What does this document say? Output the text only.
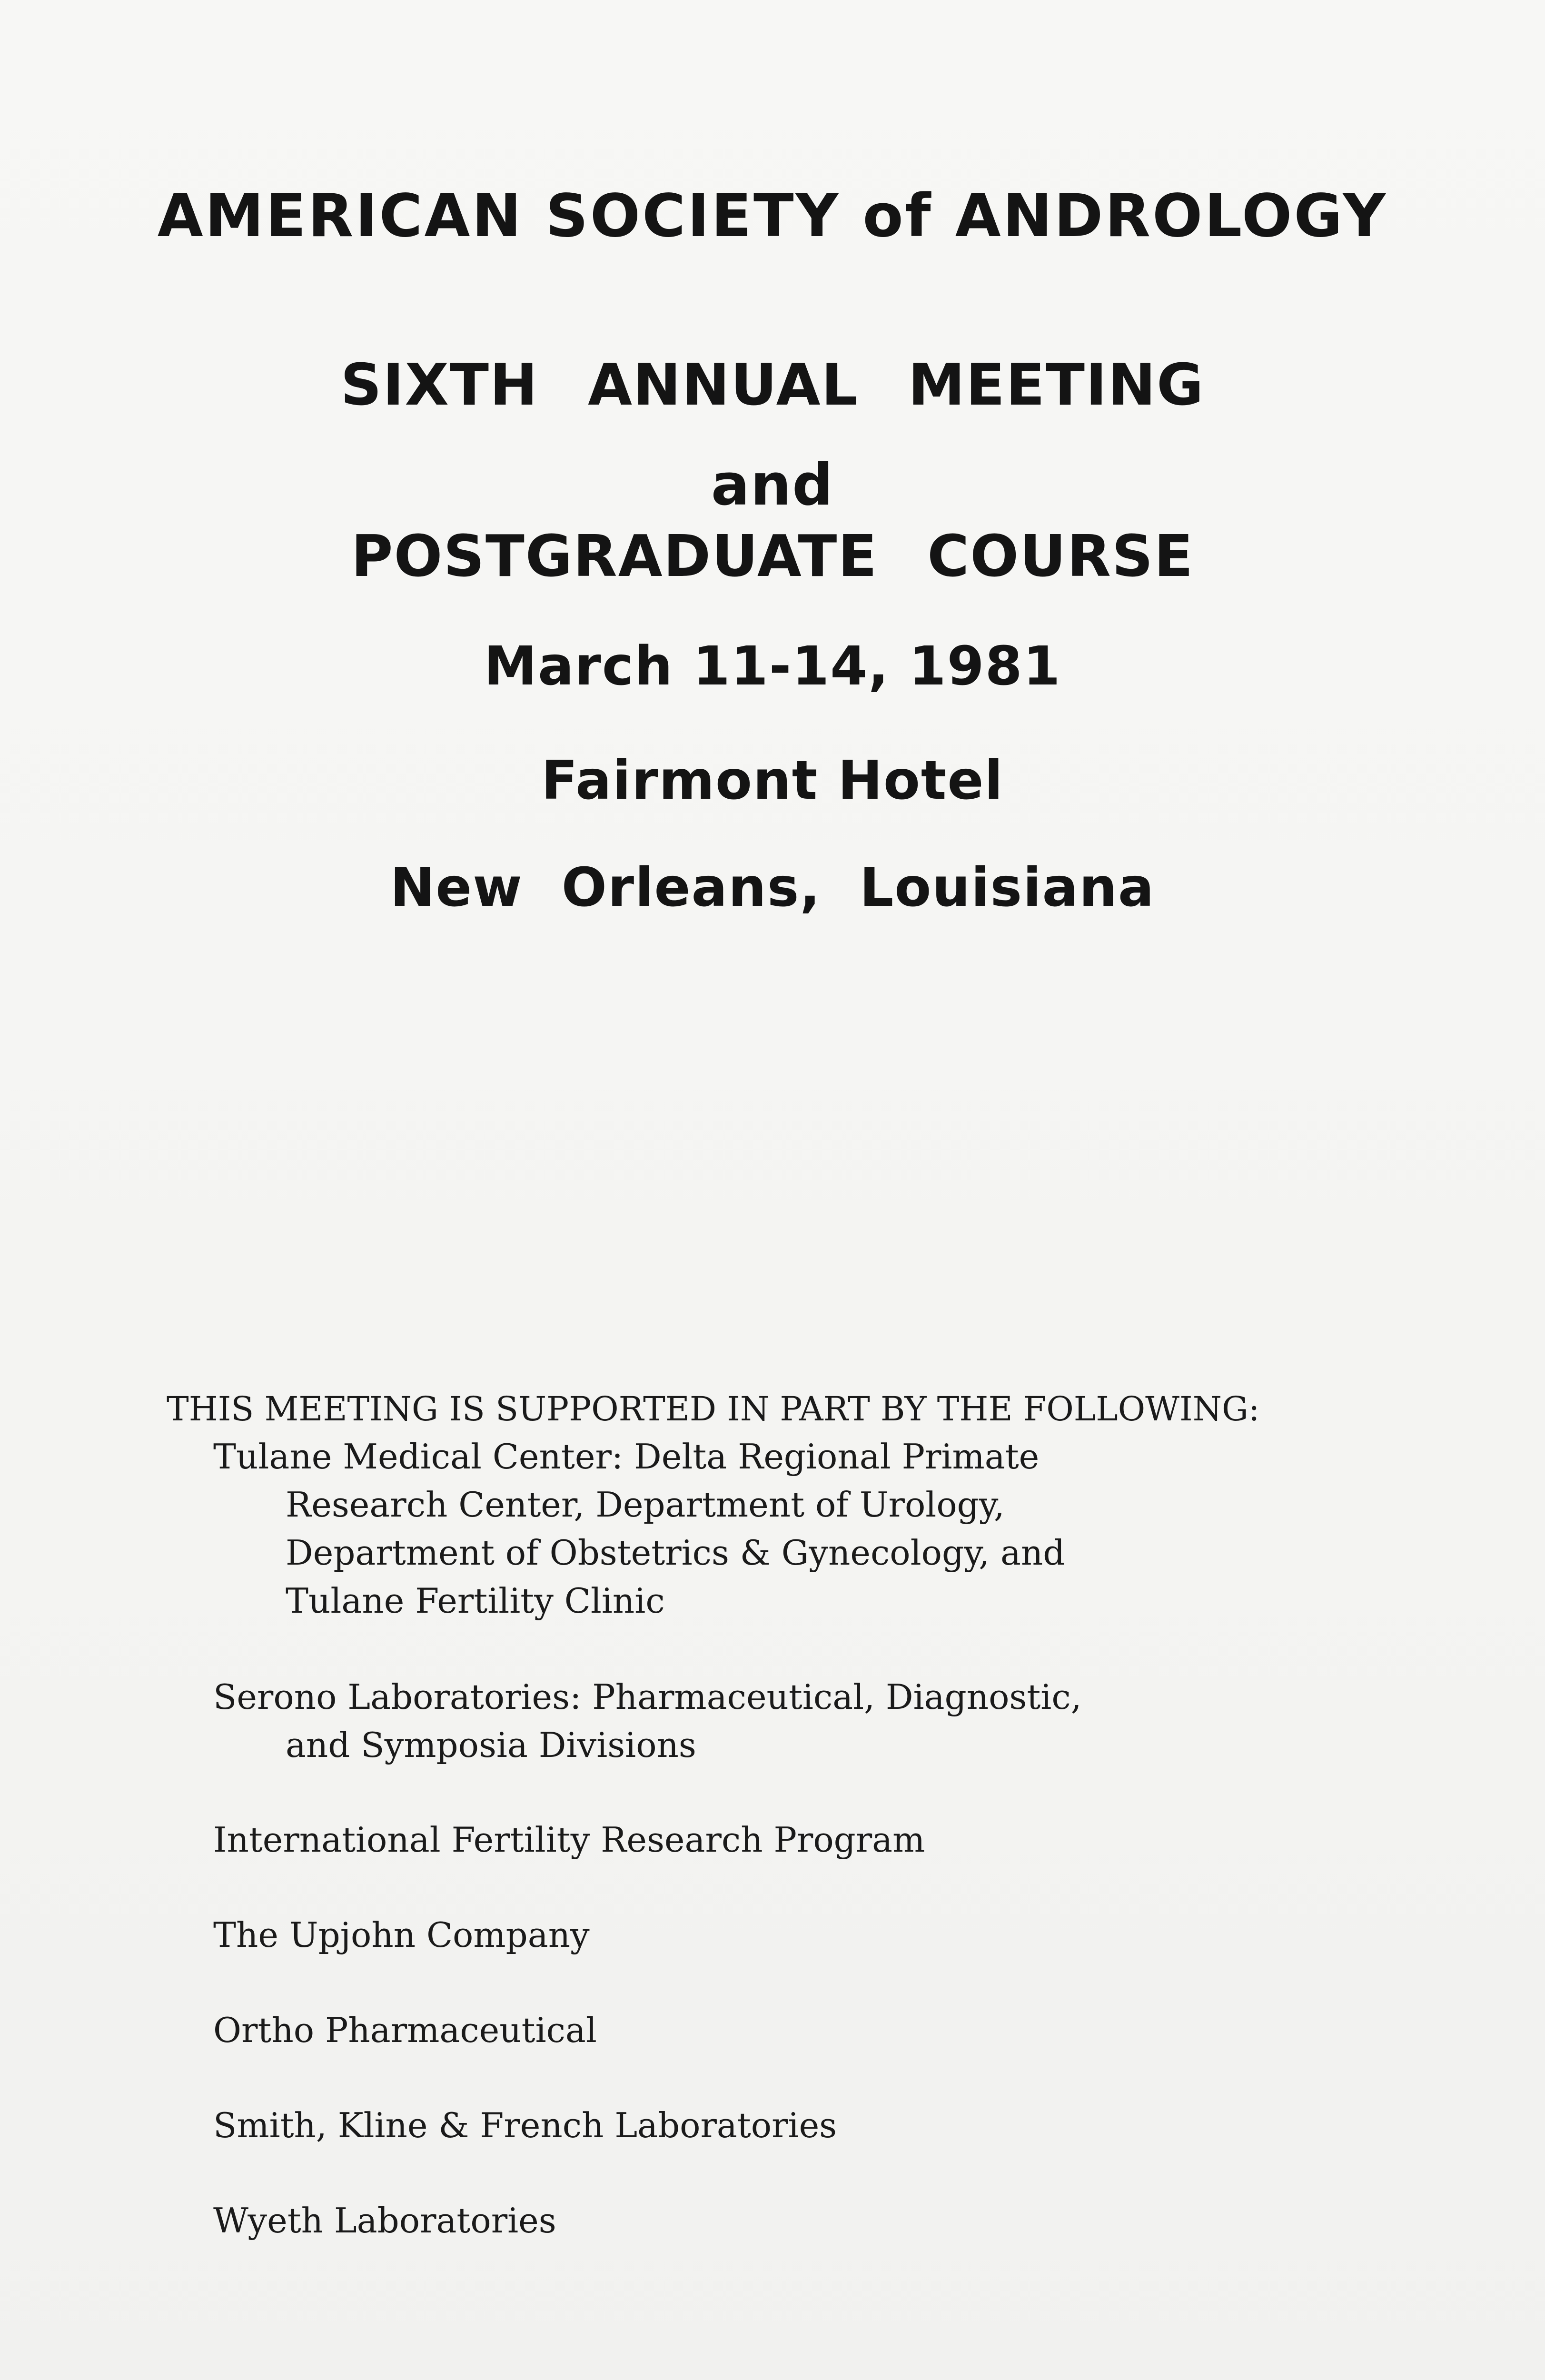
AMERICAN SOCIETY of ANDROLOGY
SIXTH ANNUAL MEETING
and
POSTGRADUATE COURSE
March 11-14, 1981
Fairmont Hotel
New Orleans, Louisiana
THIS MEETING IS SUPPORTED IN PART BY THE FOLLOWING:
Tulane Medical Center: Delta Regional Primate
Research Center, Department of Urology,
Department of Obstetrics & Gynecology, and
Tulane Fertility Clinic
Serono Laboratories: Pharmaceutical, Diagnostic,
and Symposia Divisions
International Fertility Research Program
The Upjohn Company
Ortho Pharmaceutical
Smith, Kline & French Laboratories
Wyeth Laboratories
